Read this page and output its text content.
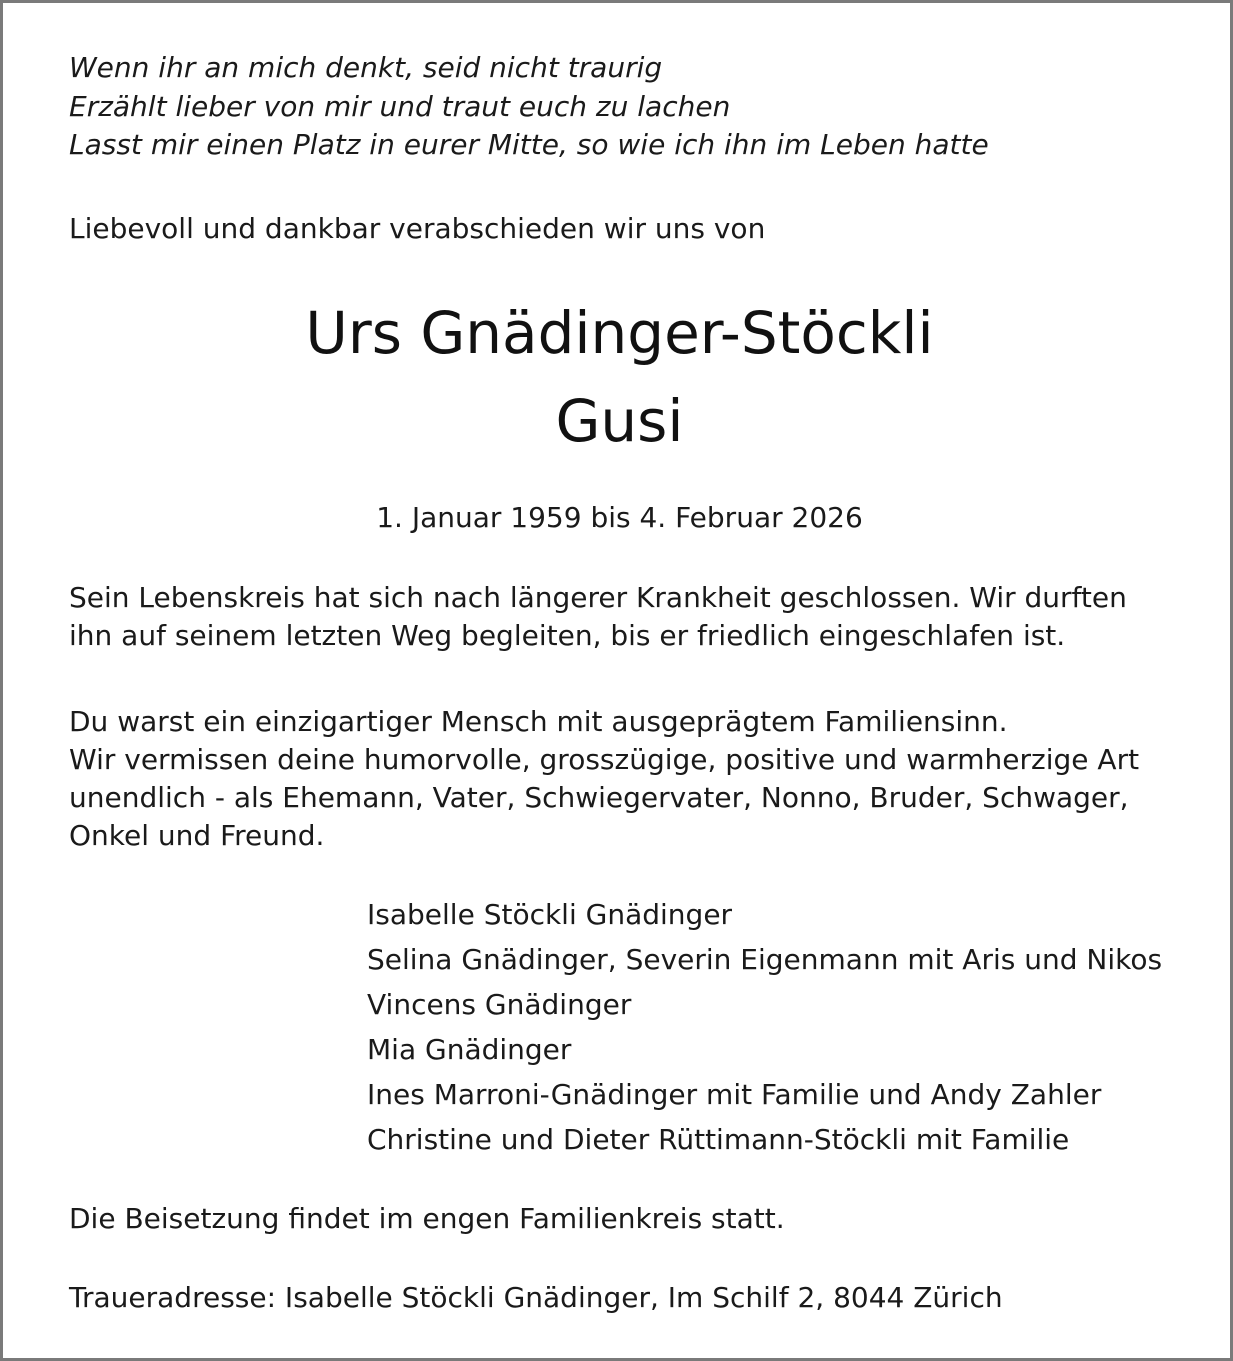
Wenn ihr an mich denkt, seid nicht traurig
Erzählt lieber von mir und traut euch zu lachen
Lasst mir einen Platz in eurer Mitte, so wie ich ihn im Leben hatte

Liebevoll und dankbar verabschieden wir uns von

Urs Gnädinger-Stöckli
Gusi

1. Januar 1959 bis 4. Februar 2026

Sein Lebenskreis hat sich nach längerer Krankheit geschlossen. Wir durften
ihn auf seinem letzten Weg begleiten, bis er friedlich eingeschlafen ist.

Du warst ein einzigartiger Mensch mit ausgeprägtem Familiensinn.
Wir vermissen deine humorvolle, grosszügige, positive und warmherzige Art
unendlich - als Ehemann, Vater, Schwiegervater, Nonno, Bruder, Schwager,
Onkel und Freund.

Isabelle Stöckli Gnädinger
Selina Gnädinger, Severin Eigenmann mit Aris und Nikos
Vincens Gnädinger
Mia Gnädinger
Ines Marroni-Gnädinger mit Familie und Andy Zahler
Christine und Dieter Rüttimann-Stöckli mit Familie

Die Beisetzung findet im engen Familienkreis statt.

Traueradresse: Isabelle Stöckli Gnädinger, Im Schilf 2, 8044 Zürich
